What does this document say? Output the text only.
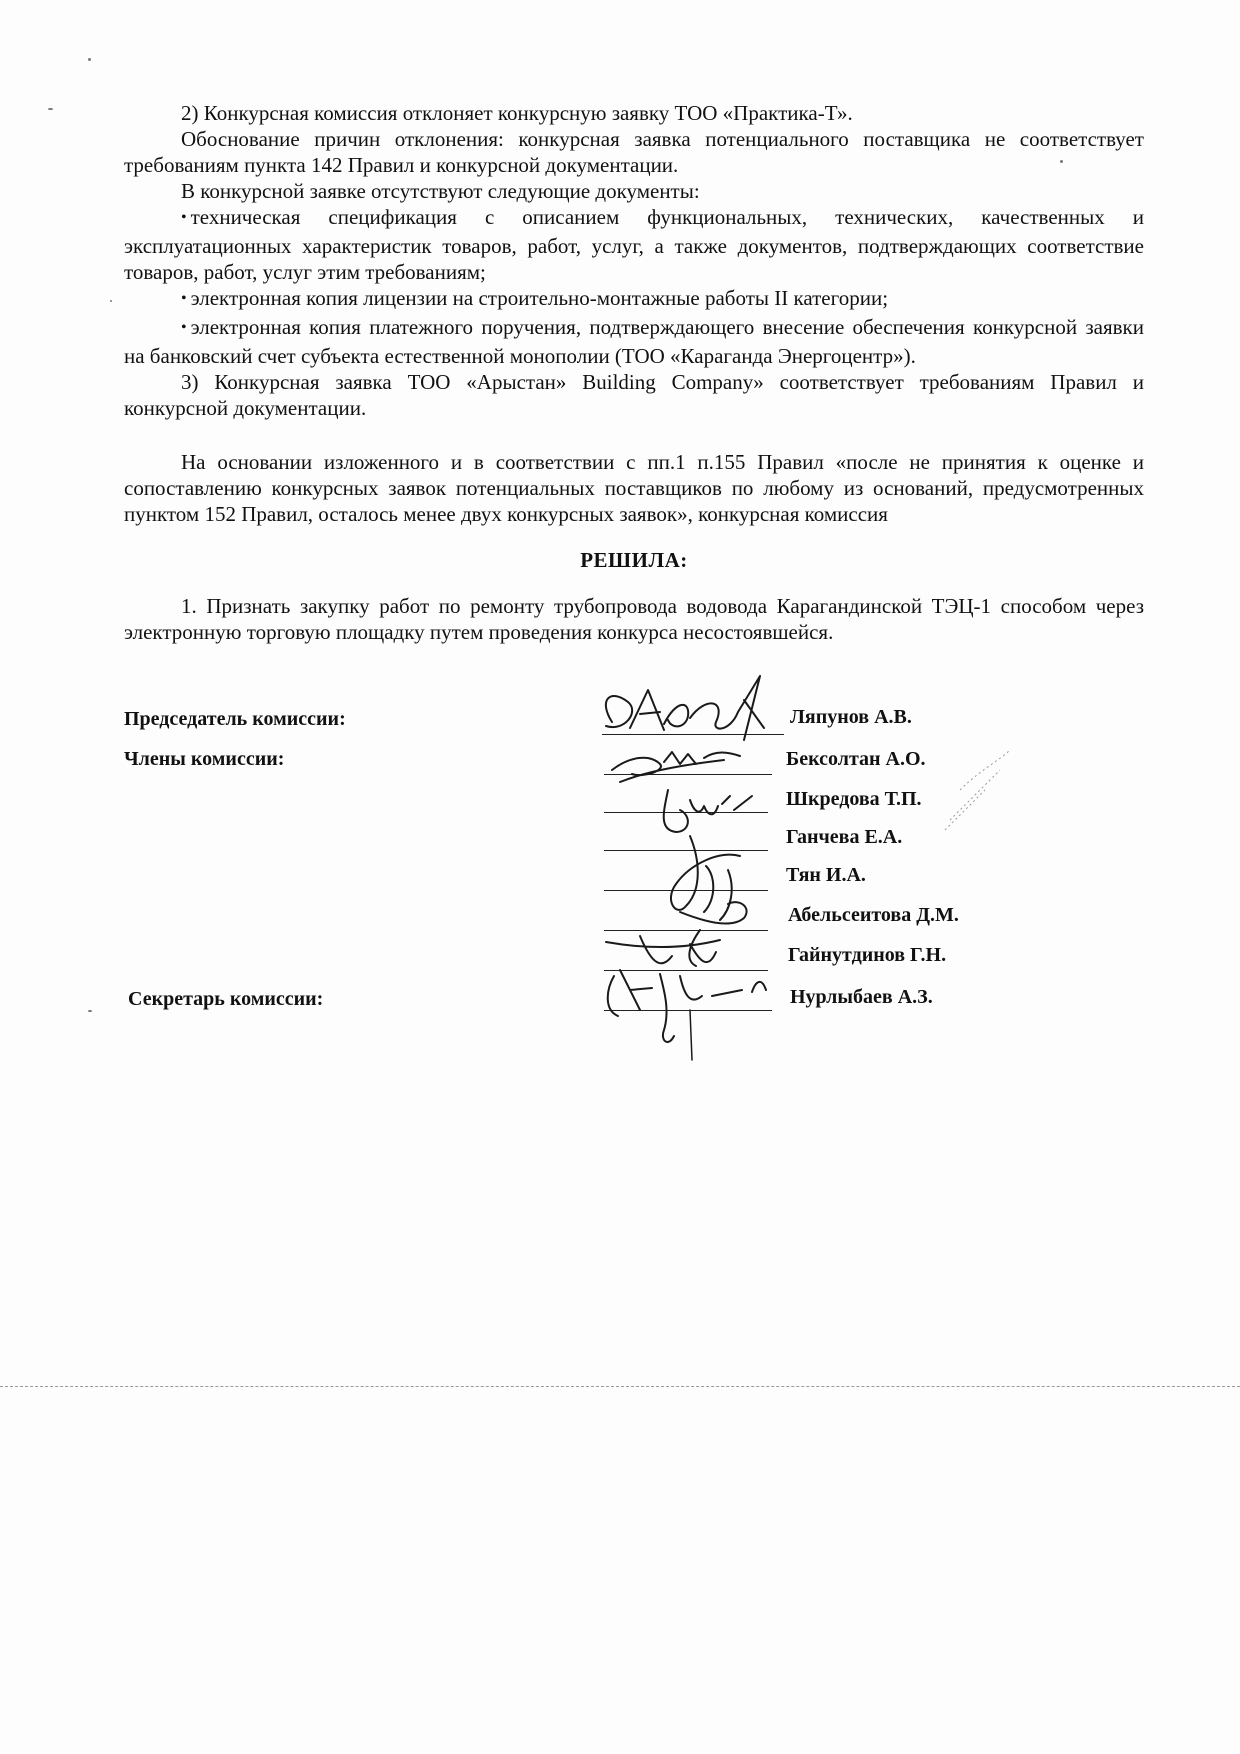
2) Конкурсная комиссия отклоняет конкурсную заявку ТОО «Практика-Т».

Обоснование причин отклонения: конкурсная заявка потенциального поставщика не соответствует требованиям пункта 142 Правил и конкурсной документации.

В конкурсной заявке отсутствуют следующие документы:

• техническая спецификация с описанием функциональных, технических, качественных и эксплуатационных характеристик товаров, работ, услуг, а также документов, подтверждающих соответствие товаров, работ, услуг этим требованиям;

• электронная копия лицензии на строительно-монтажные работы II категории;

• электронная копия платежного поручения, подтверждающего внесение обеспечения конкурсной заявки на банковский счет субъекта естественной монополии (ТОО «Караганда Энергоцентр»).

3) Конкурсная заявка ТОО «Арыстан» Building Company» соответствует требованиям Правил и конкурсной документации.

На основании изложенного и в соответствии с пп.1 п.155 Правил «после не принятия к оценке и сопоставлению конкурсных заявок потенциальных поставщиков по любому из оснований, предусмотренных пунктом 152 Правил, осталось менее двух конкурсных заявок», конкурсная комиссия

РЕШИЛА:

1. Признать закупку работ по ремонту трубопровода водовода Карагандинской ТЭЦ-1 способом через электронную торговую площадку путем проведения конкурса несостоявшейся.

Председатель комиссии:
Члены комиссии:
Секретарь комиссии:
Ляпунов А.В.
Бексолтан А.О.
Шкредова Т.П.
Ганчева Е.А.
Тян И.А.
Абельсеитова Д.М.
Гайнутдинов Г.Н.
Нурлыбаев А.З.
